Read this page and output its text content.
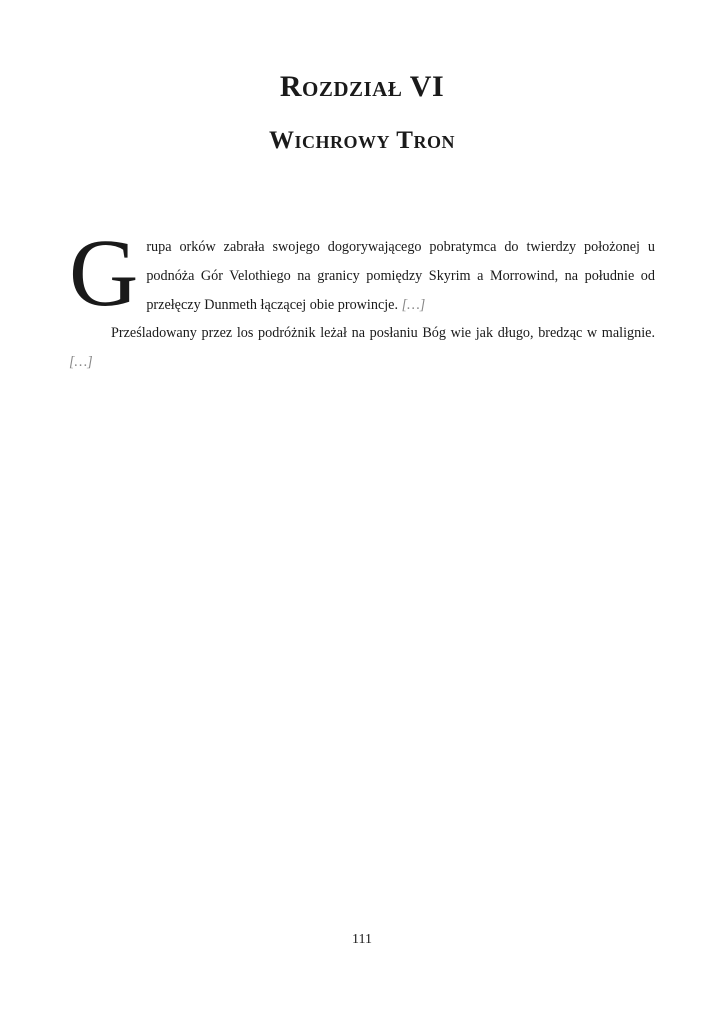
Rozdział VI
Wichrowy Tron

Grupa orków zabrała swojego dogorywającego pobratymca do twierdzy położonej u podnóża Gór Velothiego na granicy pomiędzy Skyrim a Morrowind, na południe od przełęczy Dunmeth łączącej obie prowincje. […]

Prześladowany przez los podróżnik leżał na posłaniu Bóg wie jak długo, bredząc w malignie. […]

111
